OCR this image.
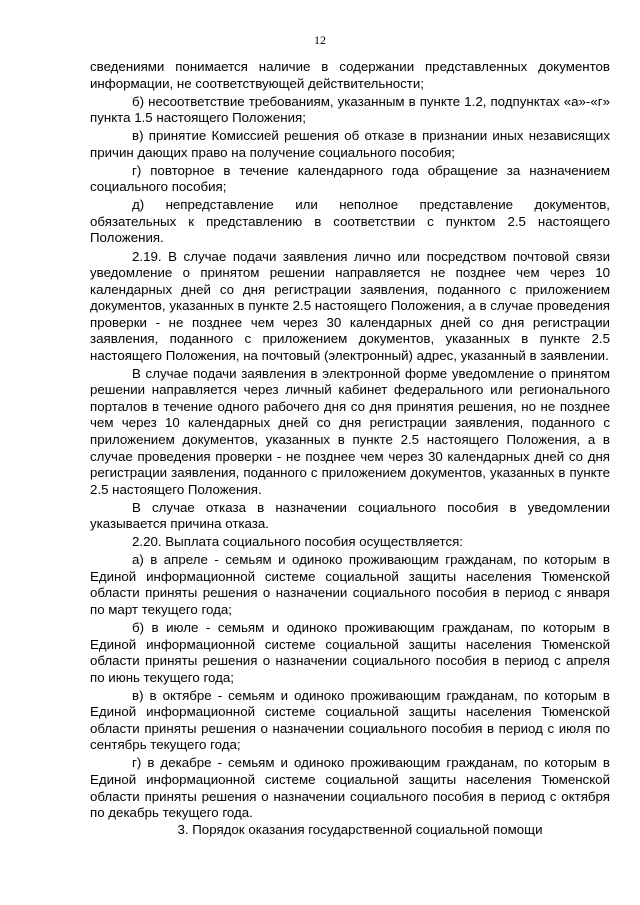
12

сведениями понимается наличие в содержании представленных документов информации, не соответствующей действительности;

б) несоответствие требованиям, указанным в пункте 1.2, подпунктах «а»-«г» пункта 1.5 настоящего Положения;

в) принятие Комиссией решения об отказе в признании иных независящих причин дающих право на получение социального пособия;

г) повторное в течение календарного года обращение за назначением социального пособия;

д) непредставление или неполное представление документов, обязательных к представлению в соответствии с пунктом 2.5 настоящего Положения.

2.19. В случае подачи заявления лично или посредством почтовой связи уведомление о принятом решении направляется не позднее чем через 10 календарных дней со дня регистрации заявления, поданного с приложением документов, указанных в пункте 2.5 настоящего Положения, а в случае проведения проверки - не позднее чем через 30 календарных дней со дня регистрации заявления, поданного с приложением документов, указанных в пункте 2.5 настоящего Положения, на почтовый (электронный) адрес, указанный в заявлении.

В случае подачи заявления в электронной форме уведомление о принятом решении направляется через личный кабинет федерального или регионального порталов в течение одного рабочего дня со дня принятия решения, но не позднее чем через 10 календарных дней со дня регистрации заявления, поданного с приложением документов, указанных в пункте 2.5 настоящего Положения, а в случае проведения проверки - не позднее чем через 30 календарных дней со дня регистрации заявления, поданного с приложением документов, указанных в пункте 2.5 настоящего Положения.

В случае отказа в назначении социального пособия в уведомлении указывается причина отказа.

2.20. Выплата социального пособия осуществляется:

а) в апреле - семьям и одиноко проживающим гражданам, по которым в Единой информационной системе социальной защиты населения Тюменской области приняты решения о назначении социального пособия в период с января по март текущего года;

б) в июле - семьям и одиноко проживающим гражданам, по которым в Единой информационной системе социальной защиты населения Тюменской области приняты решения о назначении социального пособия в период с апреля по июнь текущего года;

в) в октябре - семьям и одиноко проживающим гражданам, по которым в Единой информационной системе социальной защиты населения Тюменской области приняты решения о назначении социального пособия в период с июля по сентябрь текущего года;

г) в декабре - семьям и одиноко проживающим гражданам, по которым в Единой информационной системе социальной защиты населения Тюменской области приняты решения о назначении социального пособия в период с октября по декабрь текущего года.

3. Порядок оказания государственной социальной помощи
